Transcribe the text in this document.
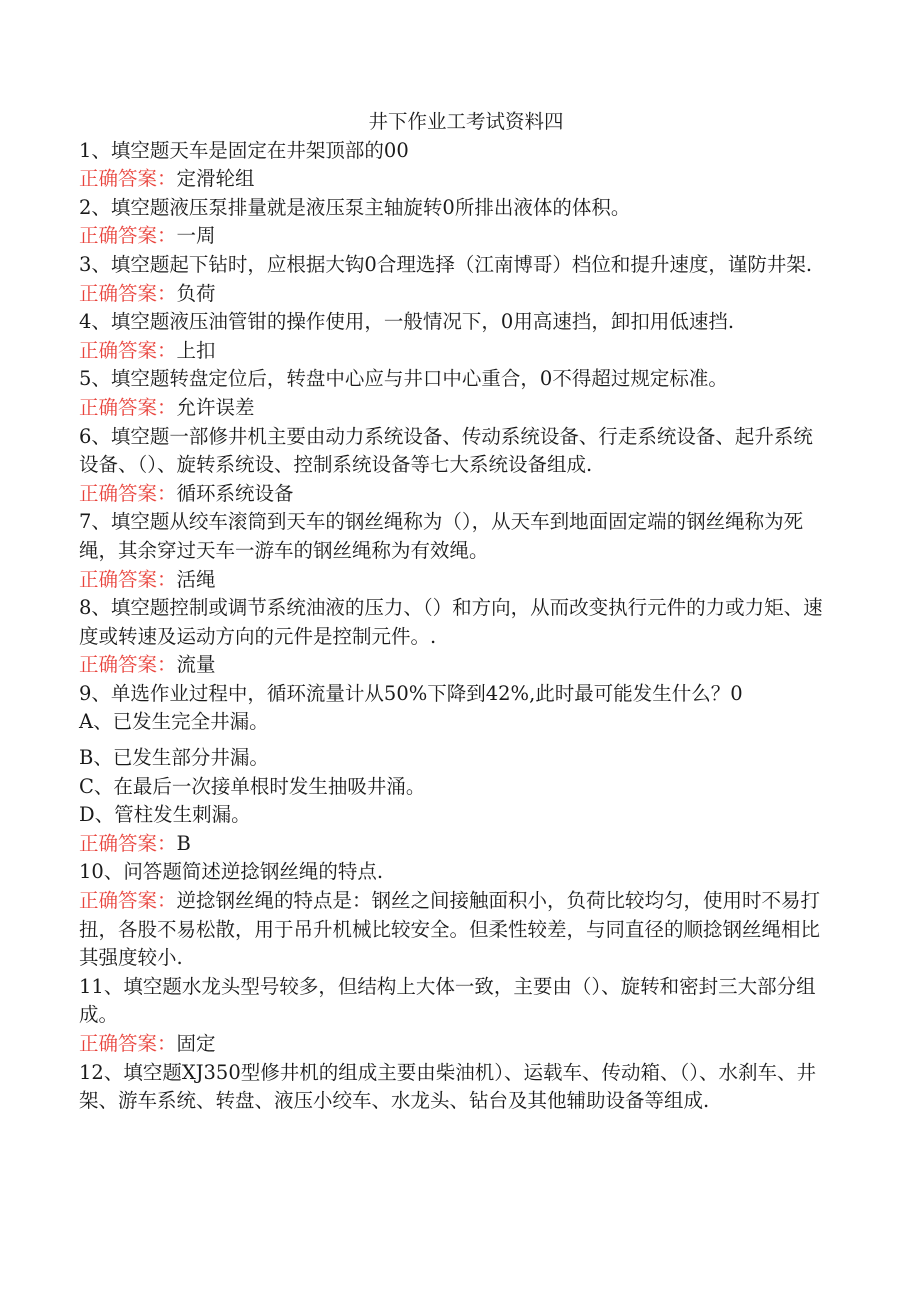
井下作业工考试资料四

1、填空题天车是固定在井架顶部的00

正确答案：定滑轮组

2、填空题液压泵排量就是液压泵主轴旋转0所排出液体的体积。

正确答案：一周

3、填空题起下钻时，应根据大钩0合理选择（江南博哥）档位和提升速度，谨防井架.

正确答案：负荷

4、填空题液压油管钳的操作使用，一般情况下，0用高速挡，卸扣用低速挡.

正确答案：上扣

5、填空题转盘定位后，转盘中心应与井口中心重合，0不得超过规定标准。

正确答案：允许误差

6、填空题一部修井机主要由动力系统设备、传动系统设备、行走系统设备、起升系统设备、（）、旋转系统设、控制系统设备等七大系统设备组成.

正确答案：循环系统设备

7、填空题从绞车滚筒到天车的钢丝绳称为（），从天车到地面固定端的钢丝绳称为死绳，其余穿过天车一游车的钢丝绳称为有效绳。

正确答案：活绳

8、填空题控制或调节系统油液的压力、（）和方向，从而改变执行元件的力或力矩、速度或转速及运动方向的元件是控制元件。.

正确答案：流量

9、单选作业过程中，循环流量计从50%下降到42%,此时最可能发生什么？0

A、已发生完全井漏。

B、已发生部分井漏。

C、在最后一次接单根时发生抽吸井涌。

D、管柱发生刺漏。

正确答案：B

10、问答题简述逆捻钢丝绳的特点.

正确答案：逆捻钢丝绳的特点是：钢丝之间接触面积小，负荷比较均匀，使用时不易打扭，各股不易松散，用于吊升机械比较安全。但柔性较差，与同直径的顺捻钢丝绳相比其强度较小.

11、填空题水龙头型号较多，但结构上大体一致，主要由（）、旋转和密封三大部分组成。

正确答案：固定

12、填空题XJ350型修井机的组成主要由柴油机）、运载车、传动箱、（）、水刹车、井架、游车系统、转盘、液压小绞车、水龙头、钻台及其他辅助设备等组成.
